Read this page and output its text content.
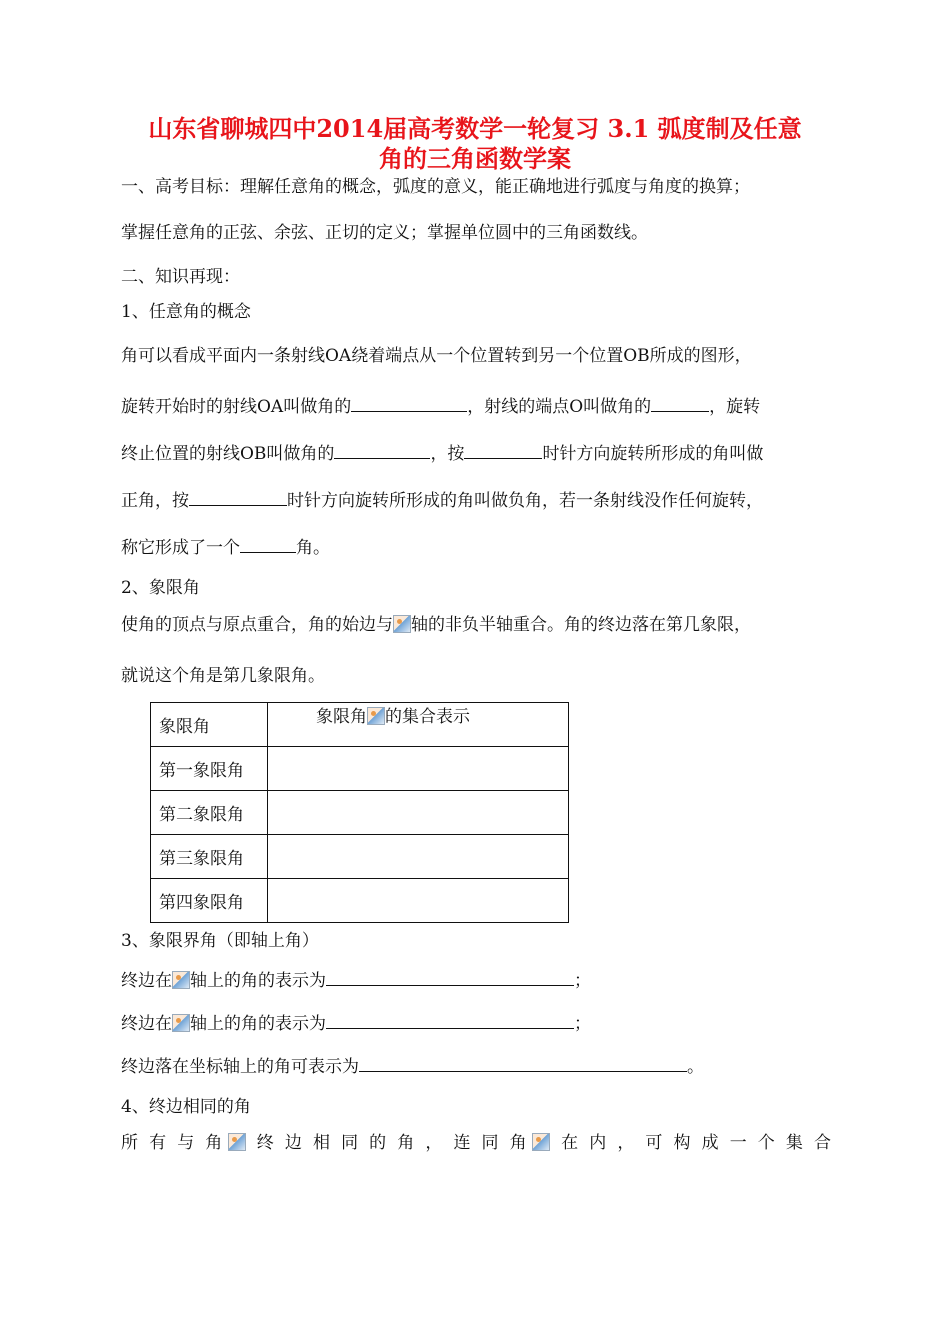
山东省聊城四中2014届高考数学一轮复习 3.1 弧度制及任意
角的三角函数学案
一、高考目标：理解任意角的概念，弧度的意义，能正确地进行弧度与角度的换算；
掌握任意角的正弦、余弦、正切的定义；掌握单位圆中的三角函数线。
二、知识再现：
1、任意角的概念
角可以看成平面内一条射线OA绕着端点从一个位置转到另一个位置OB所成的图形，
旋转开始时的射线OA叫做角的	，射线的端点O叫做角的	，旋转
终止位置的射线OB叫做角的	，按	时针方向旋转所形成的角叫做
正角，按	时针方向旋转所形成的角叫做负角，若一条射线没作任何旋转，
称它形成了一个	角。
2、象限角
使角的顶点与原点重合，角的始边与 轴的非负半轴重合。角的终边落在第几象限，
就说这个角是第几象限角。
象限角	象限角 的集合表示
第一象限角	
第二象限角	
第三象限角	
第四象限角	
3、象限界角（即轴上角）
终边在 轴上的角的表示为	；
终边在 轴上的角的表示为	；
终边落在坐标轴上的角可表示为	。
4、终边相同的角
所 有 与 角	终 边 相 同 的 角 ， 连 同 角	在 内 ， 可 构 成 一 个 集 合
